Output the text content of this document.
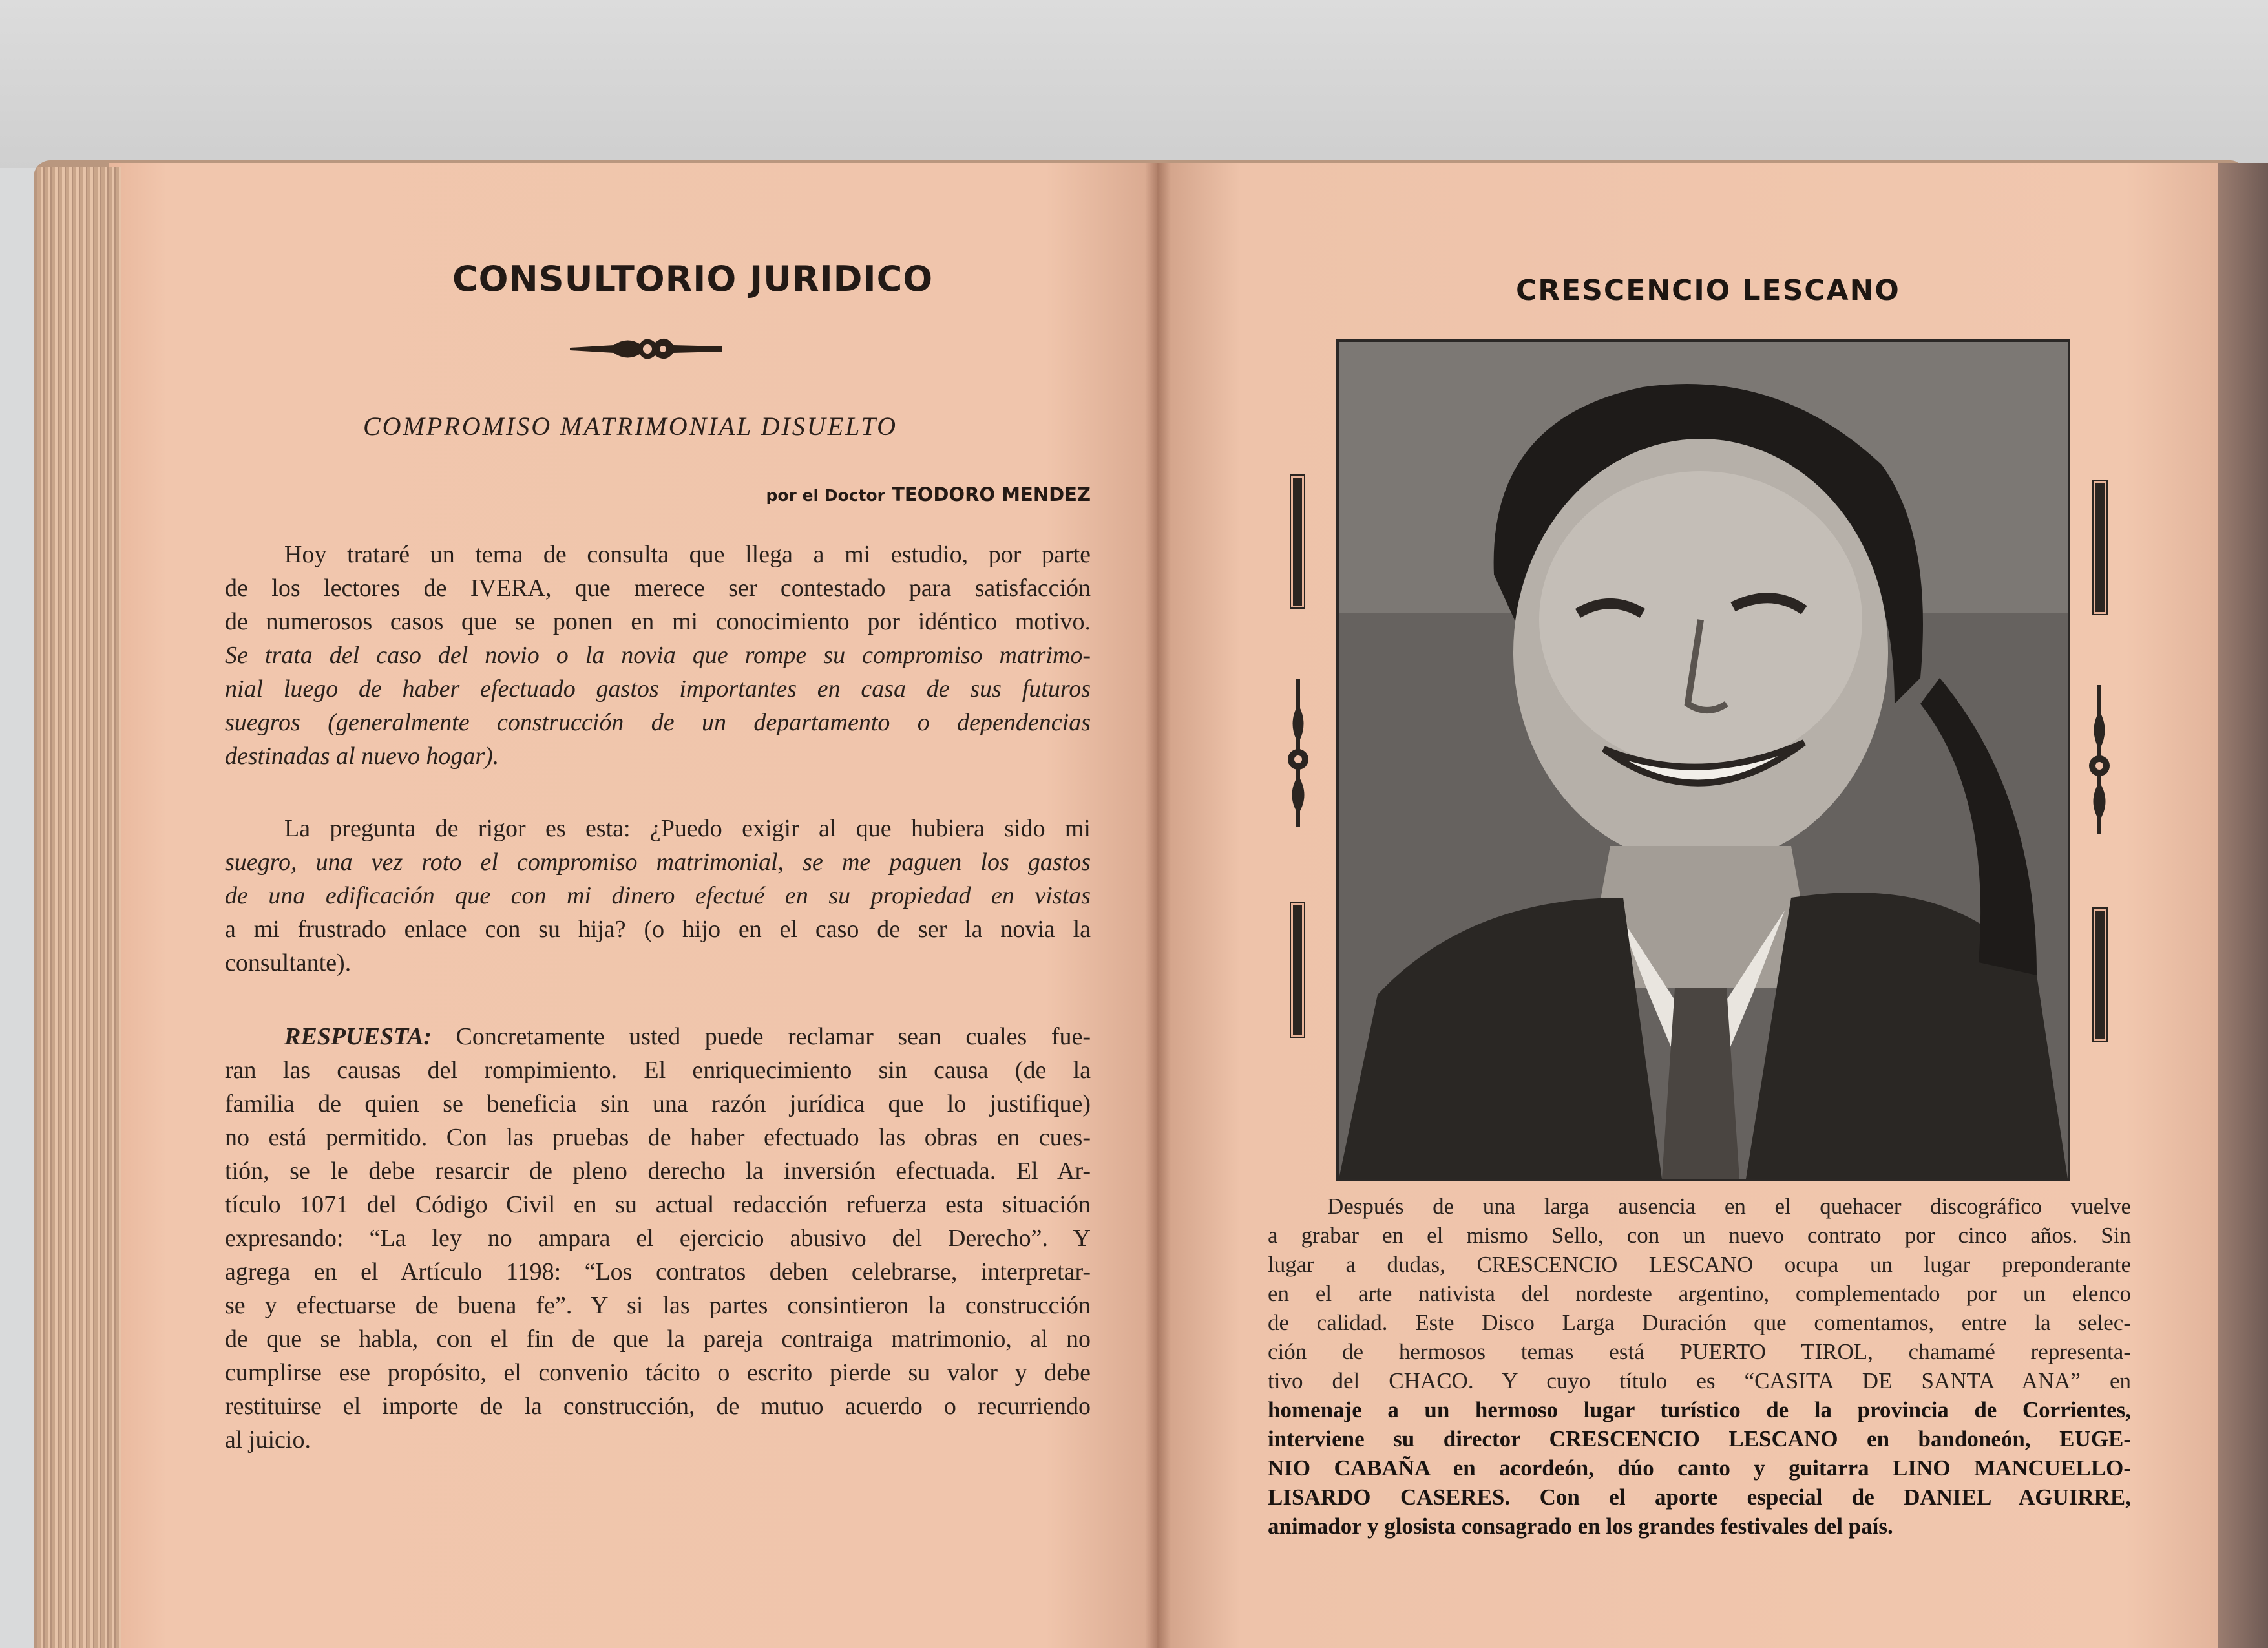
CONSULTORIO JURIDICO
COMPROMISO MATRIMONIAL DISUELTO
por el Doctor TEODORO MENDEZ
Hoy trataré un tema de consulta que llega a mi estudio, por parte
de los lectores de IVERA, que merece ser contestado para satisfacción
de numerosos casos que se ponen en mi conocimiento por idéntico motivo.
Se trata del caso del novio o la novia que rompe su compromiso matrimo-
nial luego de haber efectuado gastos importantes en casa de sus futuros
suegros (generalmente construcción de un departamento o dependencias
destinadas al nuevo hogar).
La pregunta de rigor es esta: ¿Puedo exigir al que hubiera sido mi
suegro, una vez roto el compromiso matrimonial, se me paguen los gastos
de una edificación que con mi dinero efectué en su propiedad en vistas
a mi frustrado enlace con su hija? (o hijo en el caso de ser la novia la
consultante).
RESPUESTA: Concretamente usted puede reclamar sean cuales fue-
ran las causas del rompimiento. El enriquecimiento sin causa (de la
familia de quien se beneficia sin una razón jurídica que lo justifique)
no está permitido. Con las pruebas de haber efectuado las obras en cues-
tión, se le debe resarcir de pleno derecho la inversión efectuada. El Ar-
tículo 1071 del Código Civil en su actual redacción refuerza esta situación
expresando: “La ley no ampara el ejercicio abusivo del Derecho”. Y
agrega en el Artículo 1198: “Los contratos deben celebrarse, interpretar-
se y efectuarse de buena fe”. Y si las partes consintieron la construcción
de que se habla, con el fin de que la pareja contraiga matrimonio, al no
cumplirse ese propósito, el convenio tácito o escrito pierde su valor y debe
restituirse el importe de la construcción, de mutuo acuerdo o recurriendo
al juicio.
CRESCENCIO LESCANO
Después de una larga ausencia en el quehacer discográfico vuelve
a grabar en el mismo Sello, con un nuevo contrato por cinco años. Sin
lugar a dudas, CRESCENCIO LESCANO ocupa un lugar preponderante
en el arte nativista del nordeste argentino, complementado por un elenco
de calidad. Este Disco Larga Duración que comentamos, entre la selec-
ción de hermosos temas está PUERTO TIROL, chamamé representa-
tivo del CHACO. Y cuyo título es “CASITA DE SANTA ANA” en
homenaje a un hermoso lugar turístico de la provincia de Corrientes,
interviene su director CRESCENCIO LESCANO en bandoneón, EUGE-
NIO CABAÑA en acordeón, dúo canto y guitarra LINO MANCUELLO-
LISARDO CASERES. Con el aporte especial de DANIEL AGUIRRE,
animador y glosista consagrado en los grandes festivales del país.
